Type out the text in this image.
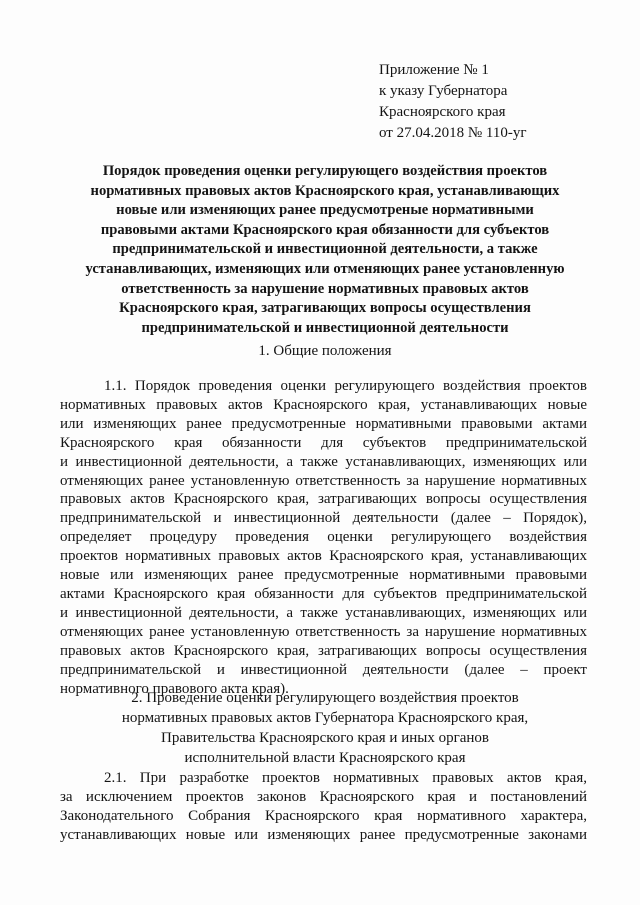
Приложение № 1
к указу Губернатора
Красноярского края
от 27.04.2018 № 110-уг
Порядок проведения оценки регулирующего воздействия проектов
нормативных правовых актов Красноярского края, устанавливающих
новые или изменяющих ранее предусмотреные нормативными
правовыми актами Красноярского края обязанности для субъектов
предпринимательской и инвестиционной деятельности, а также
устанавливающих, изменяющих или отменяющих ранее установленную
ответственность за нарушение нормативных правовых актов
Красноярского края, затрагивающих вопросы осуществления
предпринимательской и инвестиционной деятельности
1. Общие положения
1.1. Порядок проведения оценки регулирующего воздействия проектов
нормативных правовых актов Красноярского края, устанавливающих новые
или изменяющих ранее предусмотренные нормативными правовыми актами
Красноярского края обязанности для субъектов предпринимательской
и инвестиционной деятельности, а также устанавливающих, изменяющих или
отменяющих ранее установленную ответственность за нарушение нормативных
правовых актов Красноярского края, затрагивающих вопросы осуществления
предпринимательской и инвестиционной деятельности (далее – Порядок),
определяет процедуру проведения оценки регулирующего воздействия
проектов нормативных правовых актов Красноярского края, устанавливающих
новые или изменяющих ранее предусмотренные нормативными правовыми
актами Красноярского края обязанности для субъектов предпринимательской
и инвестиционной деятельности, а также устанавливающих, изменяющих или
отменяющих ранее установленную ответственность за нарушение нормативных
правовых актов Красноярского края, затрагивающих вопросы осуществления
предпринимательской и инвестиционной деятельности (далее – проект
нормативного правового акта края).
2. Проведение оценки регулирующего воздействия проектов
нормативных правовых актов Губернатора Красноярского края,
Правительства Красноярского края и иных органов
исполнительной власти Красноярского края
2.1. При разработке проектов нормативных правовых актов края,
за исключением проектов законов Красноярского края и постановлений
Законодательного Собрания Красноярского края нормативного характера,
устанавливающих новые или изменяющих ранее предусмотренные законами
